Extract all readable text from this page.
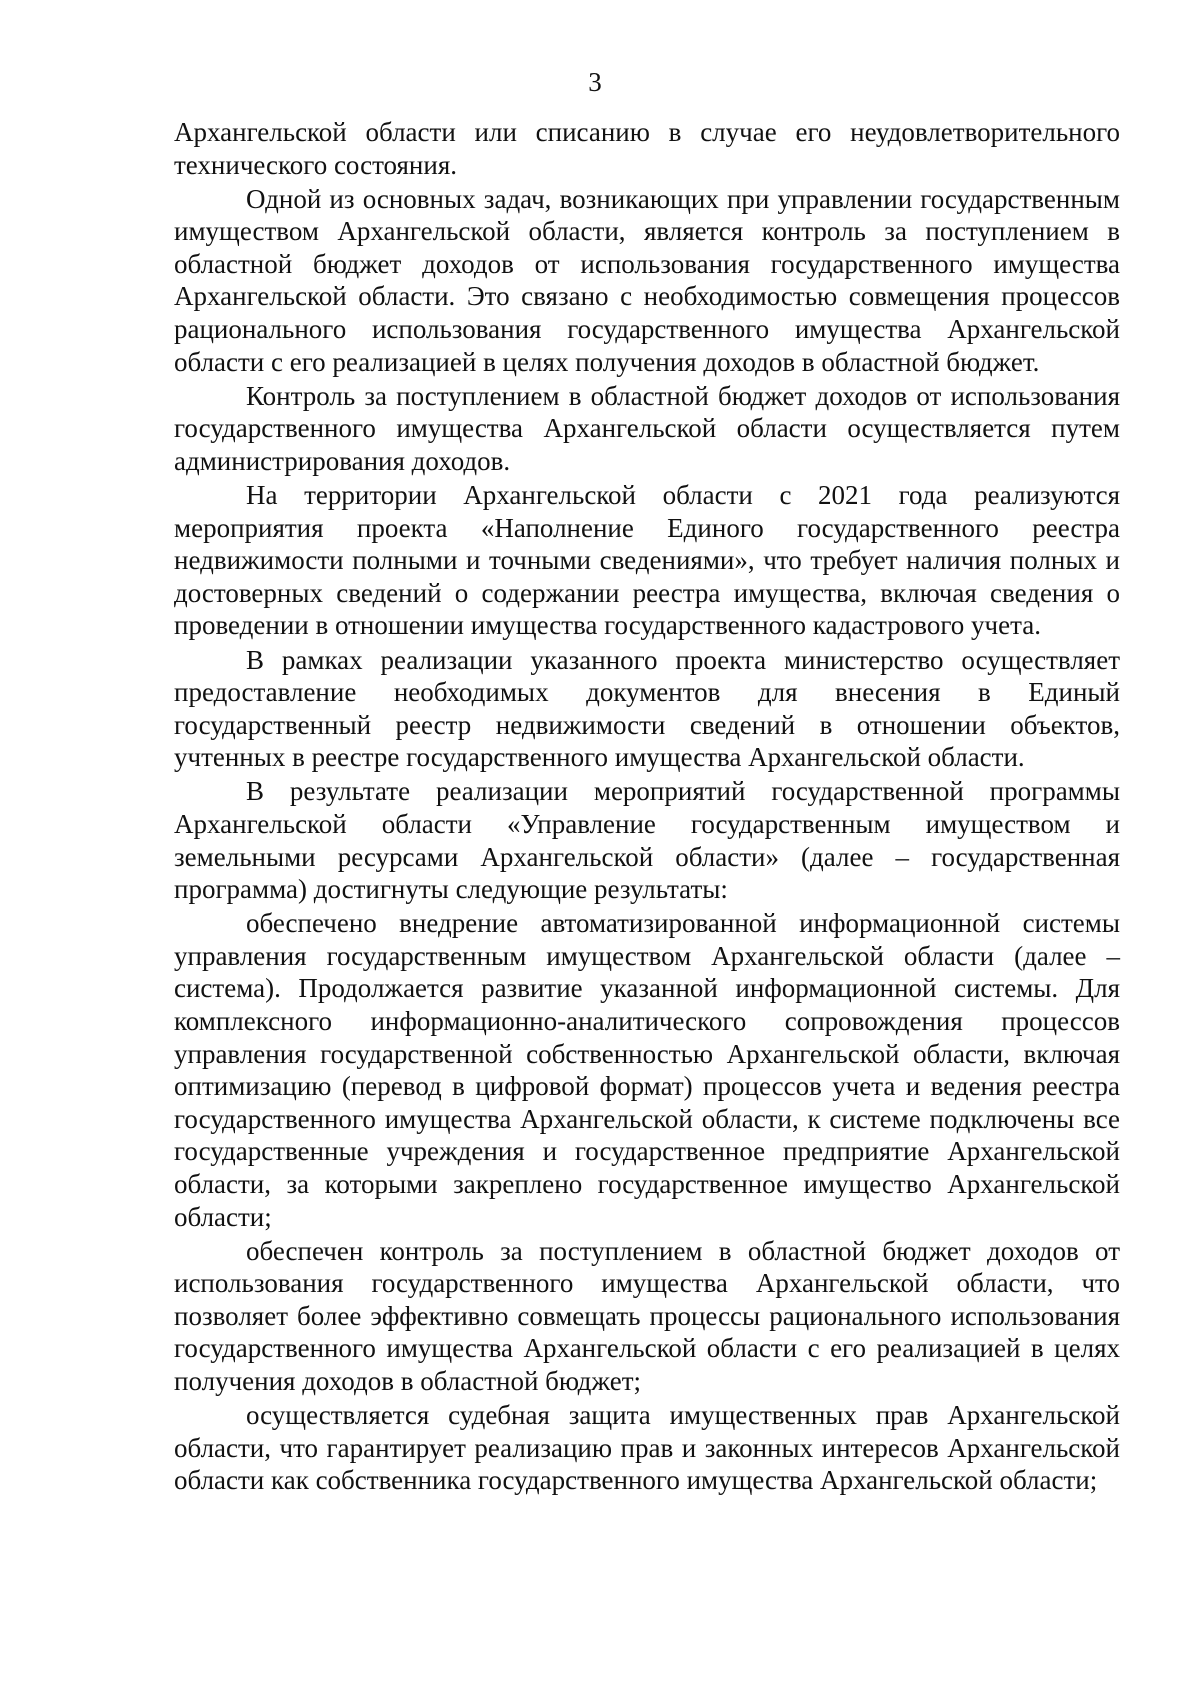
3

Архангельской области или списанию в случае его неудовлетворительного технического состояния.

Одной из основных задач, возникающих при управлении государственным имуществом Архангельской области, является контроль за поступлением в областной бюджет доходов от использования государственного имущества Архангельской области. Это связано с необходимостью совмещения процессов рационального использования государственного имущества Архангельской области с его реализацией в целях получения доходов в областной бюджет.

Контроль за поступлением в областной бюджет доходов от использования государственного имущества Архангельской области осуществляется путем администрирования доходов.

На территории Архангельской области с 2021 года реализуются мероприятия проекта «Наполнение Единого государственного реестра недвижимости полными и точными сведениями», что требует наличия полных и достоверных сведений о содержании реестра имущества, включая сведения о проведении в отношении имущества государственного кадастрового учета.

В рамках реализации указанного проекта министерство осуществляет предоставление необходимых документов для внесения в Единый государственный реестр недвижимости сведений в отношении объектов, учтенных в реестре государственного имущества Архангельской области.

В результате реализации мероприятий государственной программы Архангельской области «Управление государственным имуществом и земельными ресурсами Архангельской области» (далее – государственная программа) достигнуты следующие результаты:

обеспечено внедрение автоматизированной информационной системы управления государственным имуществом Архангельской области (далее – система). Продолжается развитие указанной информационной системы. Для комплексного информационно-аналитического сопровождения процессов управления государственной собственностью Архангельской области, включая оптимизацию (перевод в цифровой формат) процессов учета и ведения реестра государственного имущества Архангельской области, к системе подключены все государственные учреждения и государственное предприятие Архангельской области, за которыми закреплено государственное имущество Архангельской области;

обеспечен контроль за поступлением в областной бюджет доходов от использования государственного имущества Архангельской области, что позволяет более эффективно совмещать процессы рационального использования государственного имущества Архангельской области с его реализацией в целях получения доходов в областной бюджет;

осуществляется судебная защита имущественных прав Архангельской области, что гарантирует реализацию прав и законных интересов Архангельской области как собственника государственного имущества Архангельской области;
